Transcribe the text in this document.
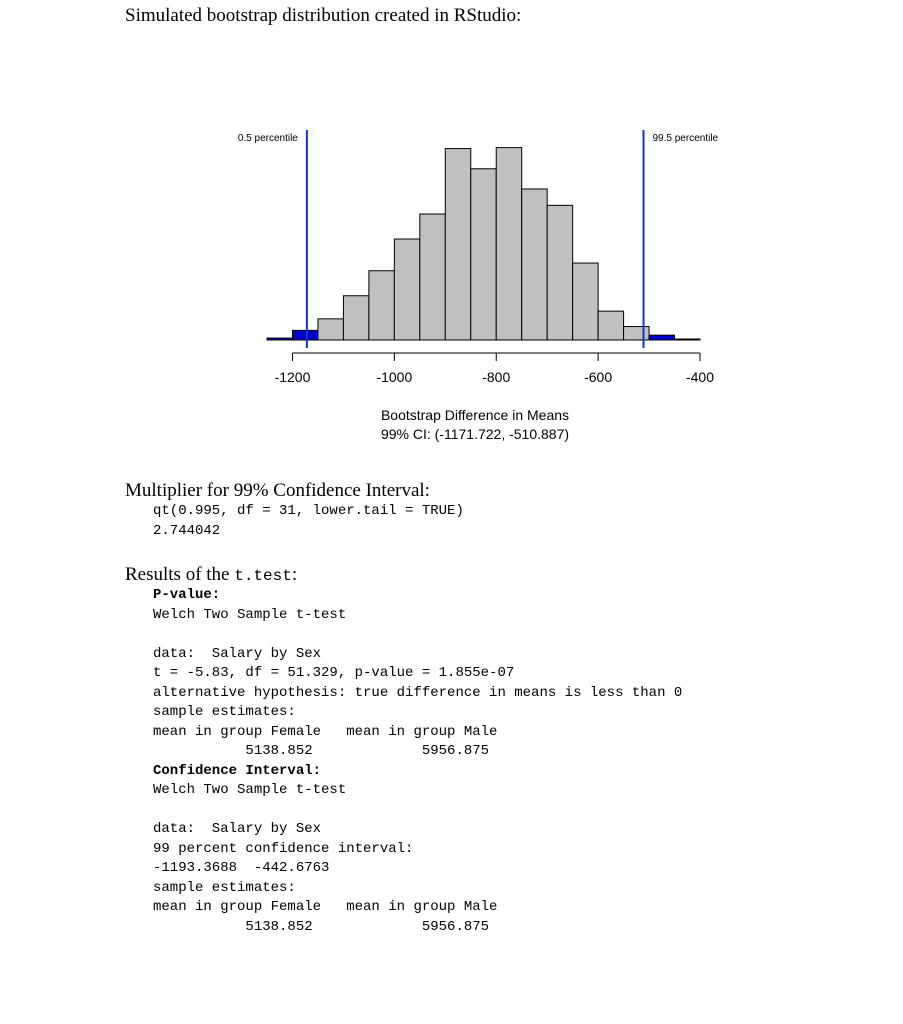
Simulated bootstrap distribution created in RStudio:
0.5 percentile	99.5 percentile
-1200	-1000	-800	-600	-400
Bootstrap Difference in Means
99% CI: (-1171.722, -510.887)
Multiplier for 99% Confidence Interval:
qt(0.995, df = 31, lower.tail = TRUE)
2.744042
Results of the t.test:
P-value:
Welch Two Sample t-test

data:  Salary by Sex
t = -5.83, df = 51.329, p-value = 1.855e-07
alternative hypothesis: true difference in means is less than 0
sample estimates:
mean in group Female   mean in group Male
5138.852             5956.875
Confidence Interval:
Welch Two Sample t-test

data:  Salary by Sex
99 percent confidence interval:
-1193.3688  -442.6763
sample estimates:
mean in group Female   mean in group Male
5138.852             5956.875
